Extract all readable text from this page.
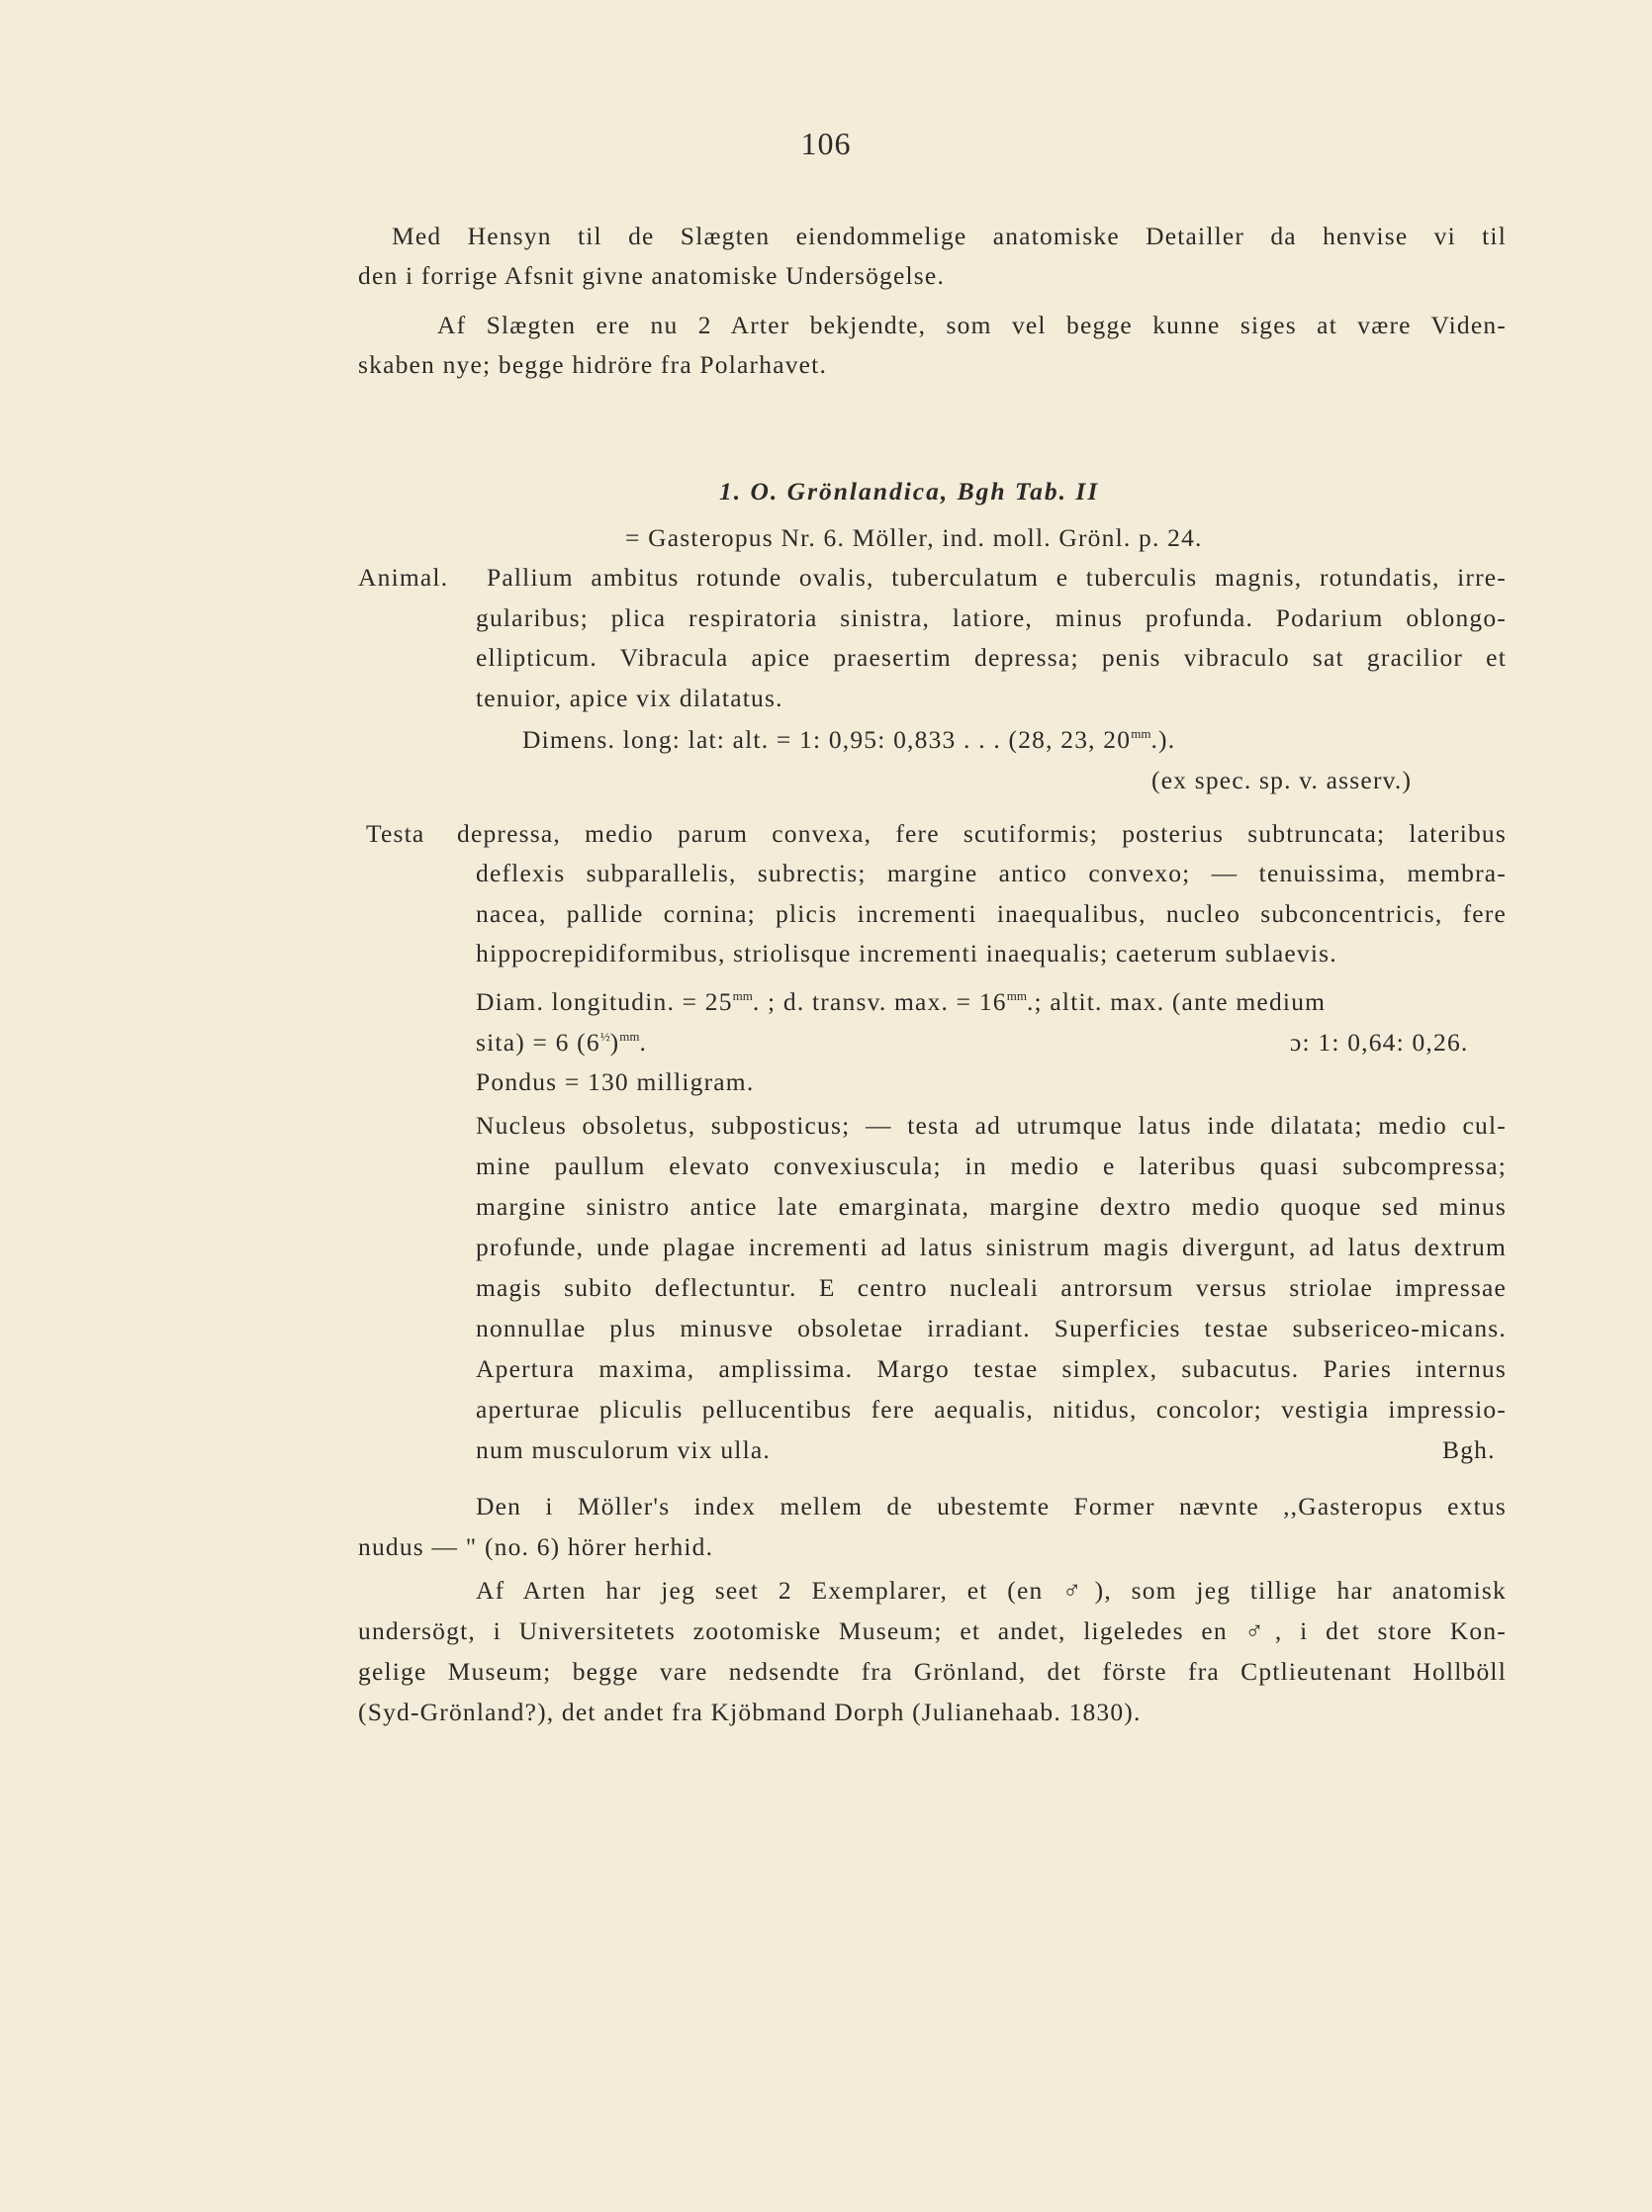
106
Med Hensyn til de Slægten eiendommelige anatomiske Detailler da henvise vi til
den i forrige Afsnit givne anatomiske Undersögelse.
Af Slægten ere nu 2 Arter bekjendte, som vel begge kunne siges at være Viden-
skaben nye; begge hidröre fra Polarhavet.
1. O. Grönlandica, Bgh Tab. II
= Gasteropus Nr. 6. Möller, ind. moll. Grönl. p. 24.
Animal. Pallium ambitus rotunde ovalis, tuberculatum e tuberculis magnis, rotundatis, irre-
gularibus; plica respiratoria sinistra, latiore, minus profunda. Podarium oblongo-
ellipticum. Vibracula apice praesertim depressa; penis vibraculo sat gracilior et
tenuior, apice vix dilatatus.
Dimens. long: lat: alt. = 1: 0,95: 0,833 . . . (28, 23, $20^{mm}$.).
(ex spec. sp. v. asserv.)
Testa depressa, medio parum convexa, fere scutiformis; posterius subtruncata; lateribus
deflexis subparallelis, subrectis; margine antico convexo; — tenuissima, membra-
nacea, pallide cornina; plicis incrementi inaequalibus, nucleo subconcentricis, fere
hippocrepidiformibus, striolisque incrementi inaequalis; caeterum sublaevis.
Diam. longitudin. = $25^{mm}$. ; d. transv. max. = $16^{mm}$.; altit. max. (ante medium
sita) = 6 $(6^{\frac{1}{2}})^{mm}$.	ɔ: 1: 0,64: 0,26.
Pondus = 130 milligram.
Nucleus obsoletus, subposticus; — testa ad utrumque latus inde dilatata; medio cul-
mine paullum elevato convexiuscula; in medio e lateribus quasi subcompressa;
margine sinistro antice late emarginata, margine dextro medio quoque sed minus
profunde, unde plagae incrementi ad latus sinistrum magis divergunt, ad latus dextrum
magis subito deflectuntur. E centro nucleali antrorsum versus striolae impressae
nonnullae plus minusve obsoletae irradiant. Superficies testae subsericeo-micans.
Apertura maxima, amplissima. Margo testae simplex, subacutus. Paries internus
aperturae pliculis pellucentibus fere aequalis, nitidus, concolor; vestigia impressio-
num musculorum vix ulla.	Bgh.
Den i Möller's index mellem de ubestemte Former nævnte ,,Gasteropus extus
nudus — " (no. 6) hörer herhid.
Af Arten har jeg seet 2 Exemplarer, et (en ♂), som jeg tillige har anatomisk
undersögt, i Universitetets zootomiske Museum; et andet, ligeledes en ♂, i det store Kon-
gelige Museum; begge vare nedsendte fra Grönland, det förste fra Cptlieutenant Hollböll
(Syd-Grönland?), det andet fra Kjöbmand Dorph (Julianehaab. 1830).
